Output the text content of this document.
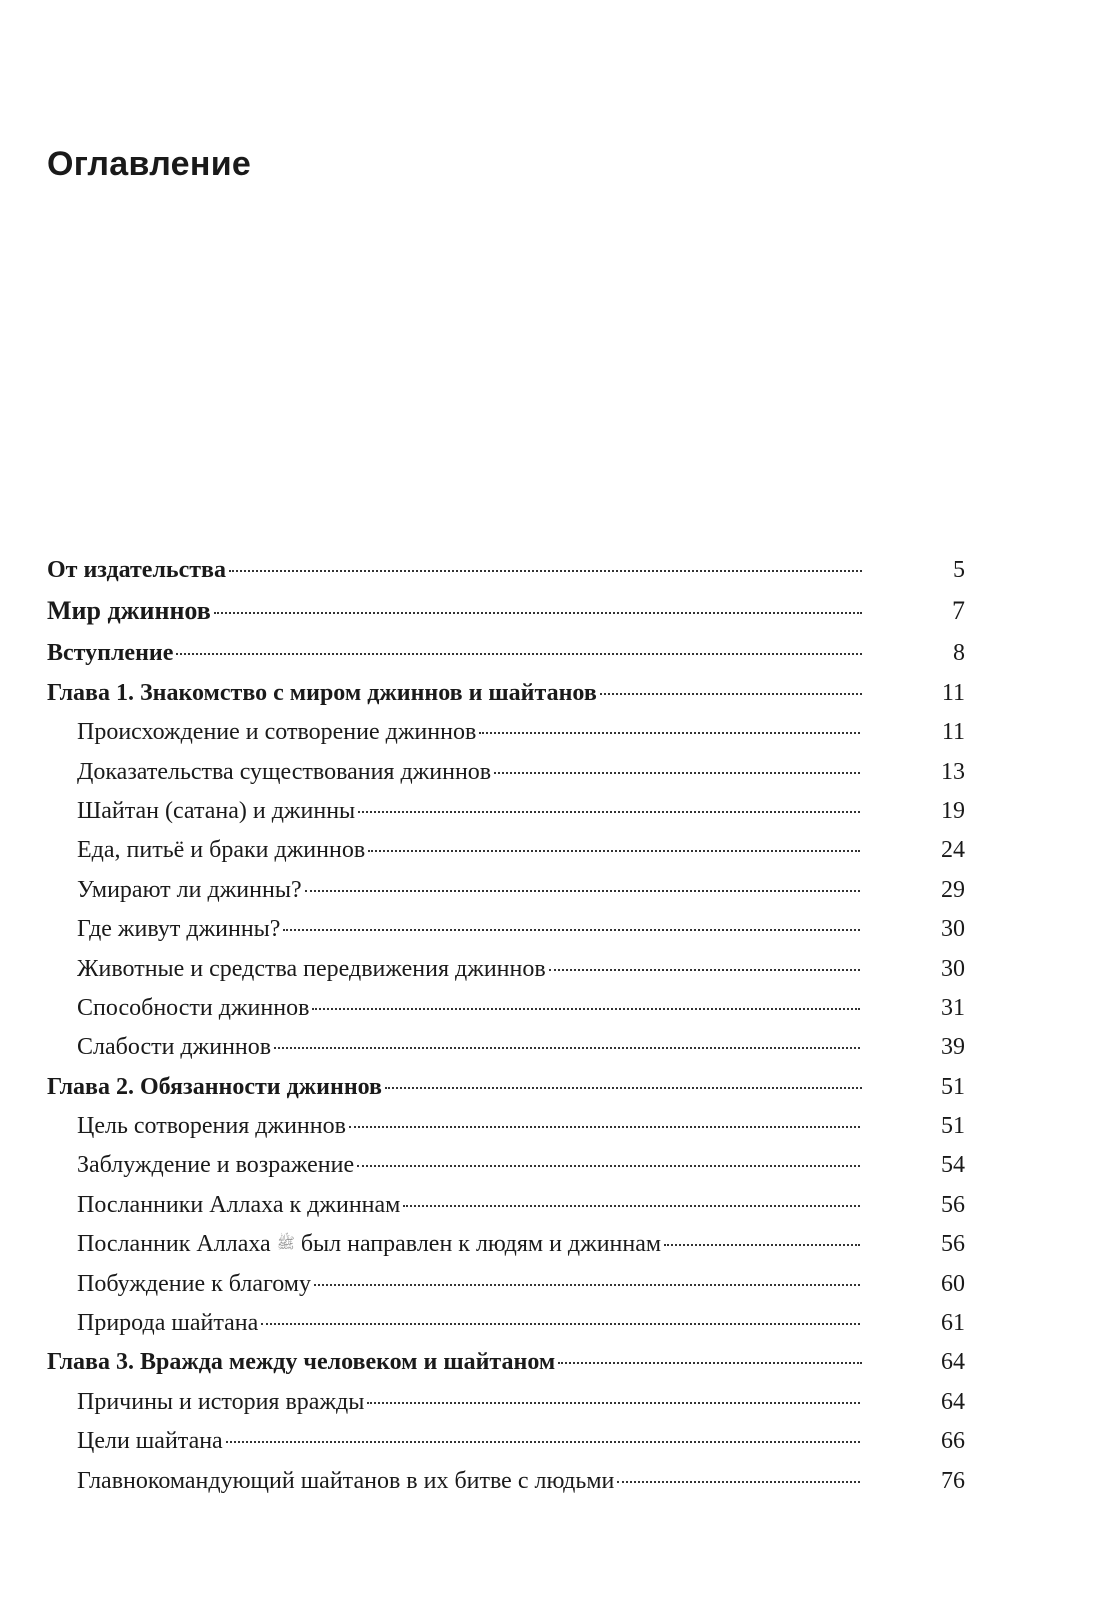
Оглавление
От издательства	5
Мир джиннов	7
Вступление	8
Глава 1. Знакомство с миром джиннов и шайтанов	11
Происхождение и сотворение джиннов	11
Доказательства существования джиннов	13
Шайтан (сатана) и джинны	19
Еда, питьё и браки джиннов	24
Умирают ли джинны?	29
Где живут джинны?	30
Животные и средства передвижения джиннов	30
Способности джиннов	31
Слабости джиннов	39
Глава 2. Обязанности джиннов	51
Цель сотворения джиннов	51
Заблуждение и возражение	54
Посланники Аллаха к джиннам	56
Посланник Аллаха ﷺ был направлен к людям и джиннам	56
Побуждение к благому	60
Природа шайтана	61
Глава 3. Вражда между человеком и шайтаном	64
Причины и история вражды	64
Цели шайтана	66
Главнокомандующий шайтанов в их битве с людьми	76
